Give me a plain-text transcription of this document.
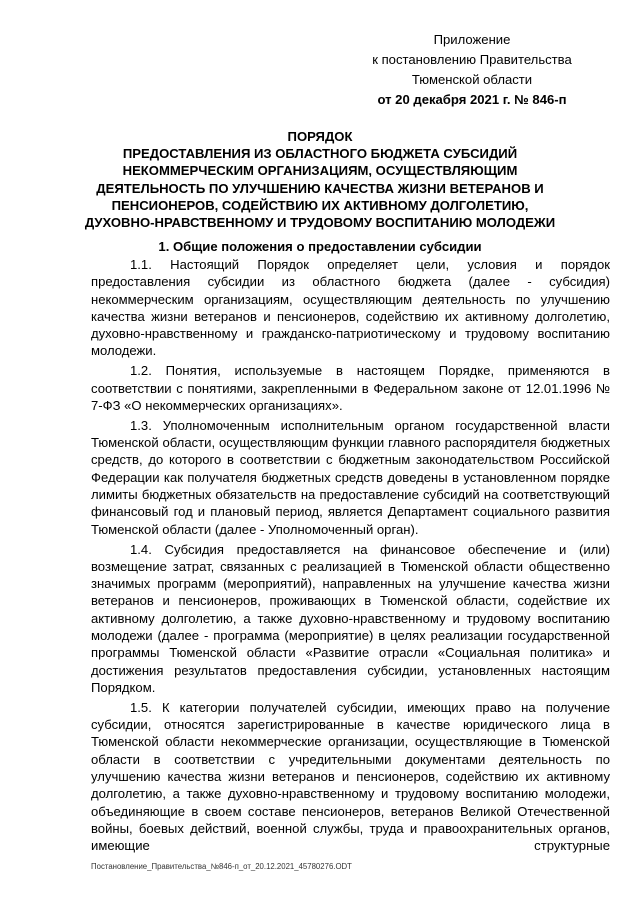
Приложение
к постановлению Правительства
Тюменской области
от 20 декабря 2021 г. № 846-п
ПОРЯДОК
ПРЕДОСТАВЛЕНИЯ ИЗ ОБЛАСТНОГО БЮДЖЕТА СУБСИДИЙ
НЕКОММЕРЧЕСКИМ ОРГАНИЗАЦИЯМ, ОСУЩЕСТВЛЯЮЩИМ
ДЕЯТЕЛЬНОСТЬ ПО УЛУЧШЕНИЮ КАЧЕСТВА ЖИЗНИ ВЕТЕРАНОВ И
ПЕНСИОНЕРОВ, СОДЕЙСТВИЮ ИХ АКТИВНОМУ ДОЛГОЛЕТИЮ,
ДУХОВНО-НРАВСТВЕННОМУ И ТРУДОВОМУ ВОСПИТАНИЮ МОЛОДЕЖИ
1. Общие положения о предоставлении субсидии

1.1. Настоящий Порядок определяет цели, условия и порядок предоставления субсидии из областного бюджета (далее - субсидия) некоммерческим организациям, осуществляющим деятельность по улучшению качества жизни ветеранов и пенсионеров, содействию их активному долголетию, духовно-нравственному и гражданско-патриотическому и трудовому воспитанию молодежи.

1.2. Понятия, используемые в настоящем Порядке, применяются в соответствии с понятиями, закрепленными в Федеральном законе от 12.01.1996 № 7-ФЗ «О некоммерческих организациях».

1.3. Уполномоченным исполнительным органом государственной власти Тюменской области, осуществляющим функции главного распорядителя бюджетных средств, до которого в соответствии с бюджетным законодательством Российской Федерации как получателя бюджетных средств доведены в установленном порядке лимиты бюджетных обязательств на предоставление субсидий на соответствующий финансовый год и плановый период, является Департамент социального развития Тюменской области (далее - Уполномоченный орган).

1.4. Субсидия предоставляется на финансовое обеспечение и (или) возмещение затрат, связанных с реализацией в Тюменской области общественно значимых программ (мероприятий), направленных на улучшение качества жизни ветеранов и пенсионеров, проживающих в Тюменской области, содействие их активному долголетию, а также духовно-нравственному и трудовому воспитанию молодежи (далее - программа (мероприятие) в целях реализации государственной программы Тюменской области «Развитие отрасли «Социальная политика» и достижения результатов предоставления субсидии, установленных настоящим Порядком.

1.5. К категории получателей субсидии, имеющих право на получение субсидии, относятся зарегистрированные в качестве юридического лица в Тюменской области некоммерческие организации, осуществляющие в Тюменской области в соответствии с учредительными документами деятельность по улучшению качества жизни ветеранов и пенсионеров, содействию их активному долголетию, а также духовно-нравственному и трудовому воспитанию молодежи, объединяющие в своем составе пенсионеров, ветеранов Великой Отечественной войны, боевых действий, военной службы, труда и правоохранительных органов, имеющие структурные

Постановление_Правительства_№846-п_от_20.12.2021_45780276.ODT
